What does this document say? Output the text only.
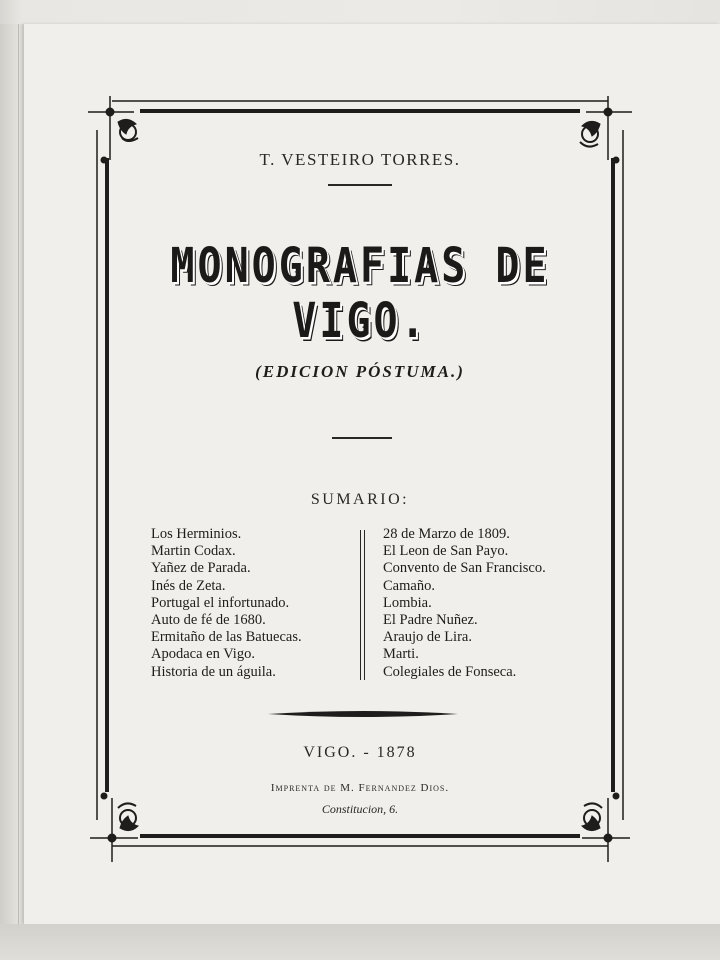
T. VESTEIRO TORRES.
MONOGRAFIAS DE VIGO.
(EDICION PÓSTUMA.)
SUMARIO:
Los Herminios.
Martin Codax.
Yañez de Parada.
Inés de Zeta.
Portugal el infortunado.
Auto de fé de 1680.
Ermitaño de las Batuecas.
Apodaca en Vigo.
Historia de un águila.
28 de Marzo de 1809.
El Leon de San Payo.
Convento de San Francisco.
Camaño.
Lombia.
El Padre Nuñez.
Araujo de Lira.
Marti.
Colegiales de Fonseca.
VIGO. - 1878
Imprenta de M. Fernandez Dios.
Constitucion, 6.
